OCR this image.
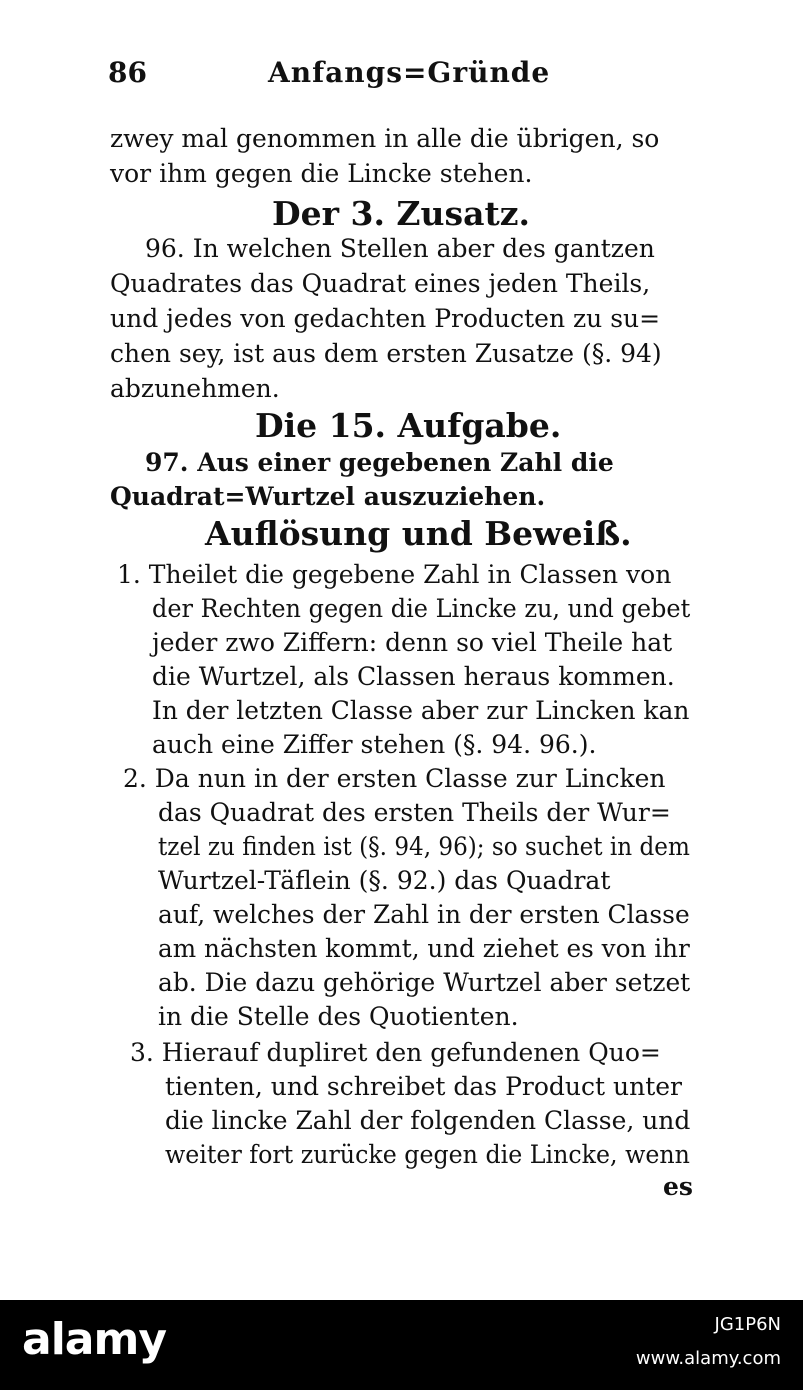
86	Anfangs=Gründe
zwey mal genommen in alle die übrigen, so
vor ihm gegen die Lincke stehen.
Der 3. Zusatz.
96. In welchen Stellen aber des gantzen
Quadrates das Quadrat eines jeden Theils,
und jedes von gedachten Producten zu su=
chen sey, ist aus dem ersten Zusatze (§. 94)
abzunehmen.
Die 15. Aufgabe.
97. Aus einer gegebenen Zahl die
Quadrat=Wurtzel auszuziehen.
Auflösung und Beweiß.
1. Theilet die gegebene Zahl in Classen von
der Rechten gegen die Lincke zu, und gebet
jeder zwo Ziffern: denn so viel Theile hat
die Wurtzel, als Classen heraus kommen.
In der letzten Classe aber zur Lincken kan
auch eine Ziffer stehen (§. 94. 96.).
2. Da nun in der ersten Classe zur Lincken
das Quadrat des ersten Theils der Wur=
tzel zu finden ist (§. 94, 96); so suchet in dem
Wurtzel-Täflein (§. 92.) das Quadrat
auf, welches der Zahl in der ersten Classe
am nächsten kommt, und ziehet es von ihr
ab. Die dazu gehörige Wurtzel aber setzet
in die Stelle des Quotienten.
3. Hierauf dupliret den gefundenen Quo=
tienten, und schreibet das Product unter
die lincke Zahl der folgenden Classe, und
weiter fort zurücke gegen die Lincke, wenn
es
alamy	JG1P6N
www.alamy.com
